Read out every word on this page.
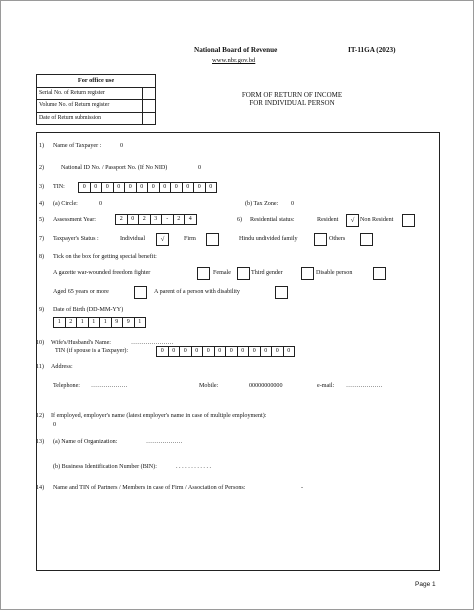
National Board of Revenue	IT-11GA (2023)
www.nbr.gov.bd
For office use
Serial No. of Return register
Volume No. of Return register
Date of Return submission
FORM OF RETURN OF INCOME
FOR INDIVIDUAL PERSON
1) Name of Taxpayer :	0
2)	National ID No. / Passport No. (If No NID)	0
3) TIN:	0	0	0	0	0	0	0	0	0	0	0	0
4) (a) Circle:	0	(b) Tax Zone: 0
5) Assessment Year:	2	0	2	3	-	2	4	6) Residential status:	Resident	√ Non Resident
7) Taxpayer's Status :	Individual	√	Firm	Hindu undivided family	Others
8) Tick on the box for getting special benefit:
A gazette war-wounded freedom fighter	Female	Third gender	Disable person
Aged 65 years or more	A parent of a person with disability
9) Date of Birth (DD-MM-YY)
1	2	1	1	1	9	9	1
10) Wife's/Husband's Name:	…………………
TIN (if spouse is a Taxpayer):	0	0	0	0	0	0	0	0	0	0	0	0
11) Address:
Telephone: ………………	Mobile:	00000000000	e-mail: ………………
12) If employed, employer's name (latest employer's name in case of multiple employment):
0
13) (a) Name of Organization:	………………
(b) Business Identification Number (BIN):	. . . . . . . . . . . .
14) Name and TIN of Partners / Members in case of Firm / Association of Persons:	-
Page 1
